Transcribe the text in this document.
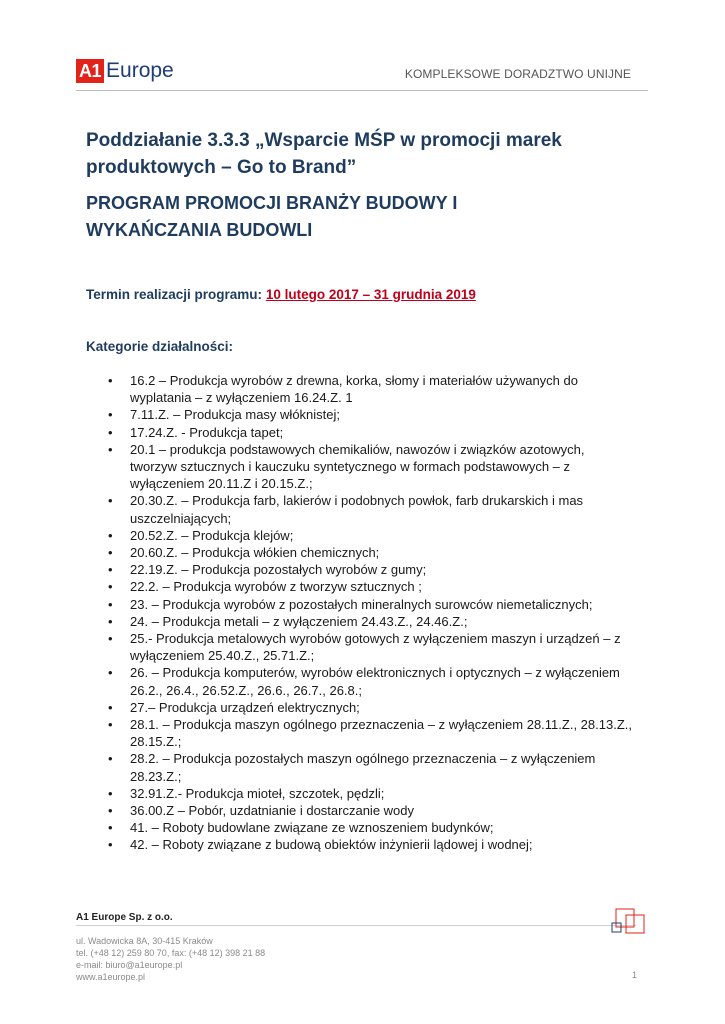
A1 Europe	KOMPLEKSOWE DORADZTWO UNIJNE
Poddziałanie 3.3.3 „Wsparcie MŚP w promocji marek produktowych – Go to Brand”
PROGRAM PROMOCJI BRANŻY BUDOWY I
WYKAŃCZANIA BUDOWLI
Termin realizacji programu: 10 lutego 2017 – 31 grudnia 2019
Kategorie działalności:
• 16.2 – Produkcja wyrobów z drewna, korka, słomy i materiałów używanych do wyplatania – z wyłączeniem 16.24.Z. 1
• 7.11.Z. – Produkcja masy włóknistej;
• 17.24.Z. - Produkcja tapet;
• 20.1 – produkcja podstawowych chemikaliów, nawozów i związków azotowych, tworzyw sztucznych i kauczuku syntetycznego w formach podstawowych – z wyłączeniem 20.11.Z i 20.15.Z.;
• 20.30.Z. – Produkcja farb, lakierów i podobnych powłok, farb drukarskich i mas uszczelniających;
• 20.52.Z. – Produkcja klejów;
• 20.60.Z. – Produkcja włókien chemicznych;
• 22.19.Z. – Produkcja pozostałych wyrobów z gumy;
• 22.2. – Produkcja wyrobów z tworzyw sztucznych ;
• 23. – Produkcja wyrobów z pozostałych mineralnych surowców niemetalicznych;
• 24. – Produkcja metali – z wyłączeniem 24.43.Z., 24.46.Z.;
• 25.- Produkcja metalowych wyrobów gotowych z wyłączeniem maszyn i urządzeń – z wyłączeniem 25.40.Z., 25.71.Z.;
• 26. – Produkcja komputerów, wyrobów elektronicznych i optycznych – z wyłączeniem 26.2., 26.4., 26.52.Z., 26.6., 26.7., 26.8.;
• 27.– Produkcja urządzeń elektrycznych;
• 28.1. – Produkcja maszyn ogólnego przeznaczenia – z wyłączeniem 28.11.Z., 28.13.Z., 28.15.Z.;
• 28.2. – Produkcja pozostałych maszyn ogólnego przeznaczenia – z wyłączeniem 28.23.Z.;
• 32.91.Z.- Produkcja mioteł, szczotek, pędzli;
• 36.00.Z – Pobór, uzdatnianie i dostarczanie wody
• 41. – Roboty budowlane związane ze wznoszeniem budynków;
• 42. – Roboty związane z budową obiektów inżynierii lądowej i wodnej;
A1 Europe Sp. z o.o.
ul. Wadowicka 8A, 30-415 Kraków
tel. (+48 12) 259 80 70, fax: (+48 12) 398 21 88
e-mail: biuro@a1europe.pl
www.a1europe.pl	1
